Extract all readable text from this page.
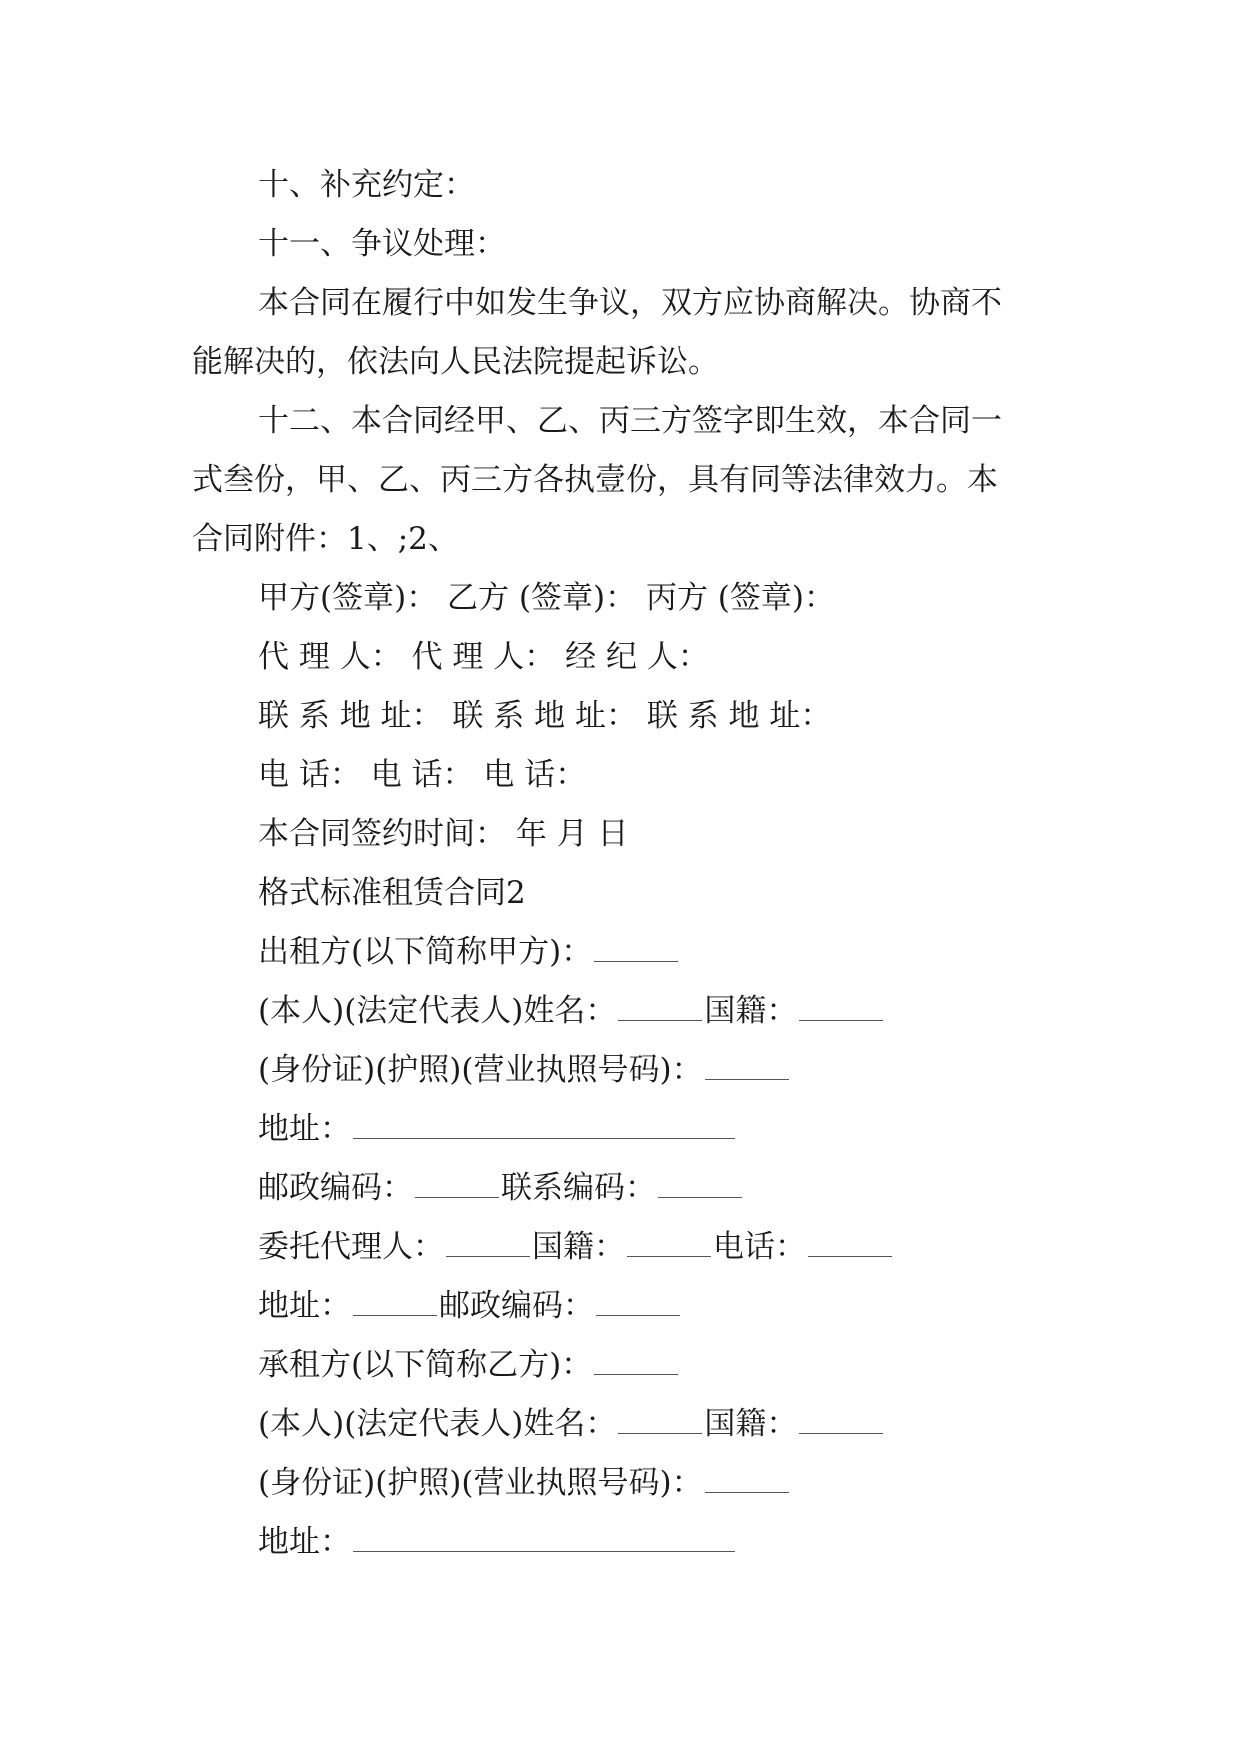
十、补充约定：
十一、争议处理：
本合同在履行中如发生争议，双方应协商解决。协商不
能解决的，依法向人民法院提起诉讼。
十二、本合同经甲、乙、丙三方签字即生效，本合同一
式叁份，甲、乙、丙三方各执壹份，具有同等法律效力。本
合同附件：1、;2、
甲方(签章)： 乙方 (签章)： 丙方 (签章)：
代 理 人： 代 理 人： 经 纪 人：
联 系 地 址： 联 系 地 址： 联 系 地 址：
电 话： 电 话： 电 话：
本合同签约时间： 年 月 日
格式标准租赁合同2
出租方(以下简称甲方)：
(本人)(法定代表人)姓名：	国籍：
(身份证)(护照)(营业执照号码)：
地址：
邮政编码：	联系编码：
委托代理人：	国籍：	电话：
地址：	邮政编码：
承租方(以下简称乙方)：
(本人)(法定代表人)姓名：	国籍：
(身份证)(护照)(营业执照号码)：
地址：
